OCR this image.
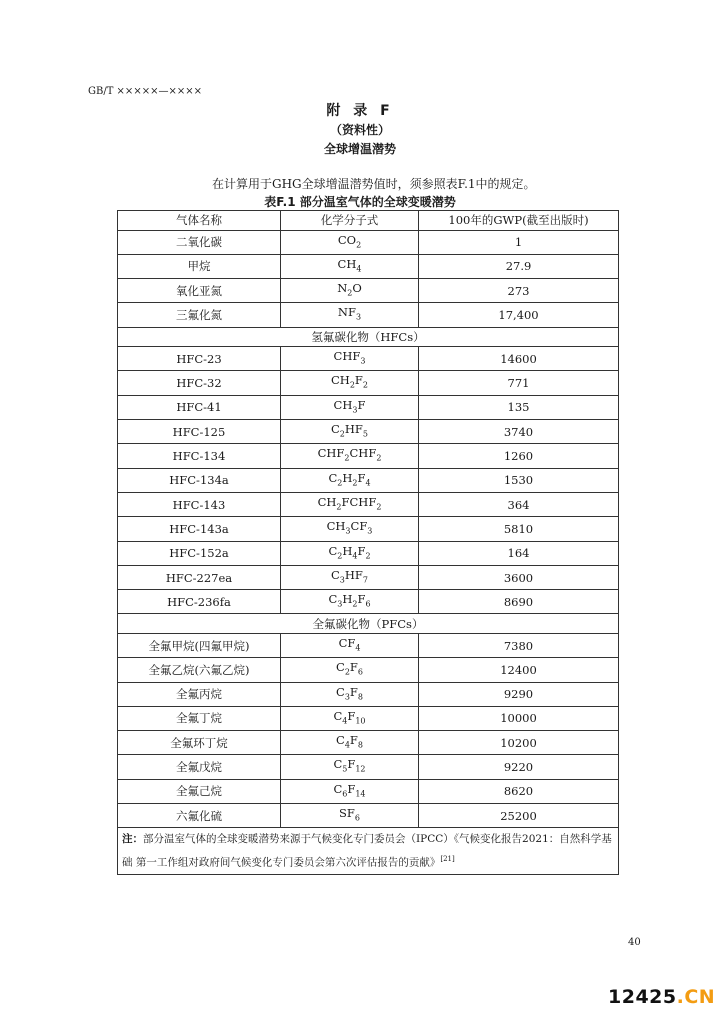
GB/T ×××××—××××
附 录 F
（资料性）
全球增温潜势
在计算用于GHG全球增温潜势值时，须参照表F.1中的规定。
表F.1 部分温室气体的全球变暖潜势
气体名称	化学分子式	100年的GWP(截至出版时)
二氧化碳	$CO_2$	1
甲烷	$CH_4$	27.9
氧化亚氮	$N_2O$	273
三氟化氮	$NF_3$	17,400
氢氟碳化物（HFCs）		
HFC-23	$CHF_3$	14600
HFC-32	$CH_2F_2$	771
HFC-41	$CH_3F$	135
HFC-125	$C_2HF_5$	3740
HFC-134	$CHF_2CHF_2$	1260
HFC-134a	$C_2H_2F_4$	1530
HFC-143	$CH_2FCHF_2$	364
HFC-143a	$CH_3CF_3$	5810
HFC-152a	$C_2H_4F_2$	164
HFC-227ea	$C_3HF_7$	3600
HFC-236fa	$C_3H_2F_6$	8690
全氟碳化物（PFCs）		
全氟甲烷(四氟甲烷)	$CF_4$	7380
全氟乙烷(六氟乙烷)	$C_2F_6$	12400
全氟丙烷	$C_3F_8$	9290
全氟丁烷	$C_4F_{10}$	10000
全氟环丁烷	$C_4F_8$	10200
全氟戊烷	$C_5F_{12}$	9220
全氟己烷	$C_6F_{14}$	8620
六氟化硫	$SF_6$	25200
注：部分温室气体的全球变暖潜势来源于气候变化专门委员会（IPCC）《气候变化报告2021：自然科学基础 第一工作组对政府间气候变化专门委员会第六次评估报告的贡献》[21]
40
12425.CN
